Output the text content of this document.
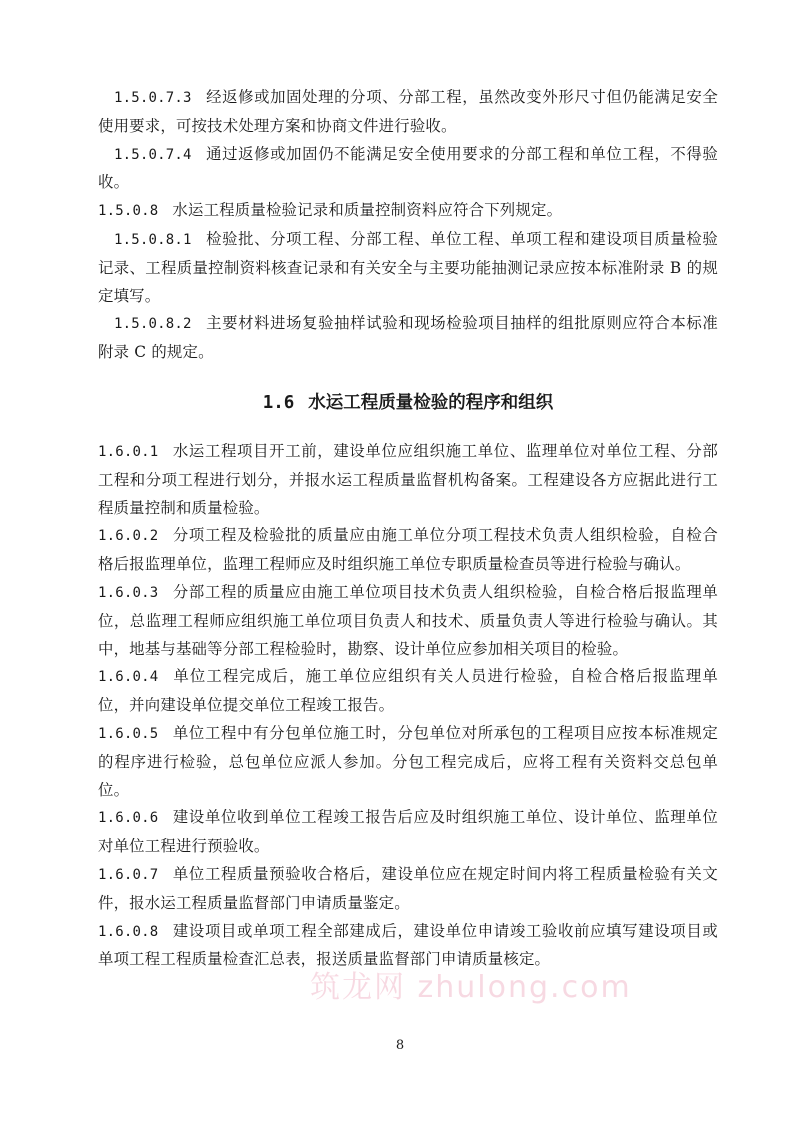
1.5.0.7.3 经返修或加固处理的分项、分部工程，虽然改变外形尺寸但仍能满足安全使用要求，可按技术处理方案和协商文件进行验收。

1.5.0.7.4 通过返修或加固仍不能满足安全使用要求的分部工程和单位工程，不得验收。

1.5.0.8 水运工程质量检验记录和质量控制资料应符合下列规定。

1.5.0.8.1 检验批、分项工程、分部工程、单位工程、单项工程和建设项目质量检验记录、工程质量控制资料核查记录和有关安全与主要功能抽测记录应按本标准附录 B 的规定填写。

1.5.0.8.2 主要材料进场复验抽样试验和现场检验项目抽样的组批原则应符合本标准附录 C 的规定。

1.6 水运工程质量检验的程序和组织

1.6.0.1 水运工程项目开工前，建设单位应组织施工单位、监理单位对单位工程、分部工程和分项工程进行划分，并报水运工程质量监督机构备案。工程建设各方应据此进行工程质量控制和质量检验。

1.6.0.2 分项工程及检验批的质量应由施工单位分项工程技术负责人组织检验，自检合格后报监理单位，监理工程师应及时组织施工单位专职质量检查员等进行检验与确认。

1.6.0.3 分部工程的质量应由施工单位项目技术负责人组织检验，自检合格后报监理单位，总监理工程师应组织施工单位项目负责人和技术、质量负责人等进行检验与确认。其中，地基与基础等分部工程检验时，勘察、设计单位应参加相关项目的检验。

1.6.0.4 单位工程完成后，施工单位应组织有关人员进行检验，自检合格后报监理单位，并向建设单位提交单位工程竣工报告。

1.6.0.5 单位工程中有分包单位施工时，分包单位对所承包的工程项目应按本标准规定的程序进行检验，总包单位应派人参加。分包工程完成后，应将工程有关资料交总包单位。

1.6.0.6 建设单位收到单位工程竣工报告后应及时组织施工单位、设计单位、监理单位对单位工程进行预验收。

1.6.0.7 单位工程质量预验收合格后，建设单位应在规定时间内将工程质量检验有关文件，报水运工程质量监督部门申请质量鉴定。

1.6.0.8 建设项目或单项工程全部建成后，建设单位申请竣工验收前应填写建设项目或单项工程工程质量检查汇总表，报送质量监督部门申请质量核定。

筑龙网 zhulong.com
8
